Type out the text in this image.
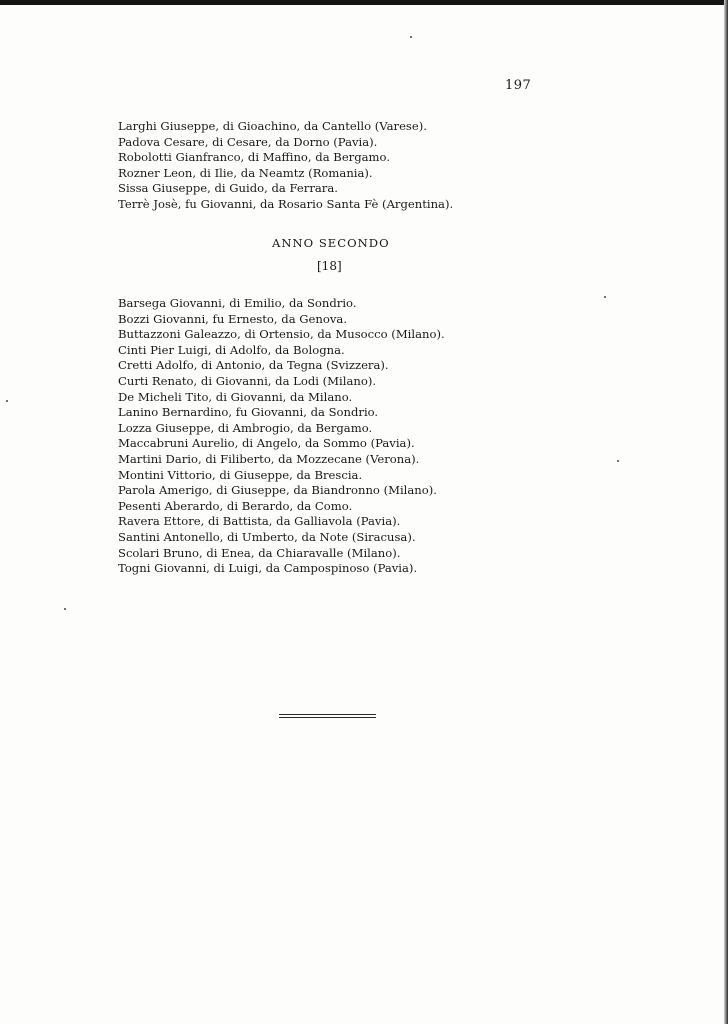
197
Larghi Giuseppe, di Gioachino, da Cantello (Varese).
Padova Cesare, di Cesare, da Dorno (Pavia).
Robolotti Gianfranco, di Maffino, da Bergamo.
Rozner Leon, di Ilie, da Neamtz (Romania).
Sissa Giuseppe, di Guido, da Ferrara.
Terrè Josè, fu Giovanni, da Rosario Santa Fè (Argentina).
ANNO SECONDO
[18]
Barsega Giovanni, di Emilio, da Sondrio.
Bozzi Giovanni, fu Ernesto, da Genova.
Buttazzoni Galeazzo, di Ortensio, da Musocco (Milano).
Cinti Pier Luigi, di Adolfo, da Bologna.
Cretti Adolfo, di Antonio, da Tegna (Svizzera).
Curti Renato, di Giovanni, da Lodi (Milano).
De Micheli Tito, di Giovanni, da Milano.
Lanino Bernardino, fu Giovanni, da Sondrio.
Lozza Giuseppe, di Ambrogio, da Bergamo.
Maccabruni Aurelio, di Angelo, da Sommo (Pavia).
Martini Dario, di Filiberto, da Mozzecane (Verona).
Montini Vittorio, di Giuseppe, da Brescia.
Parola Amerigo, di Giuseppe, da Biandronno (Milano).
Pesenti Aberardo, di Berardo, da Como.
Ravera Ettore, di Battista, da Galliavola (Pavia).
Santini Antonello, di Umberto, da Note (Siracusa).
Scolari Bruno, di Enea, da Chiaravalle (Milano).
Togni Giovanni, di Luigi, da Campospinoso (Pavia).
